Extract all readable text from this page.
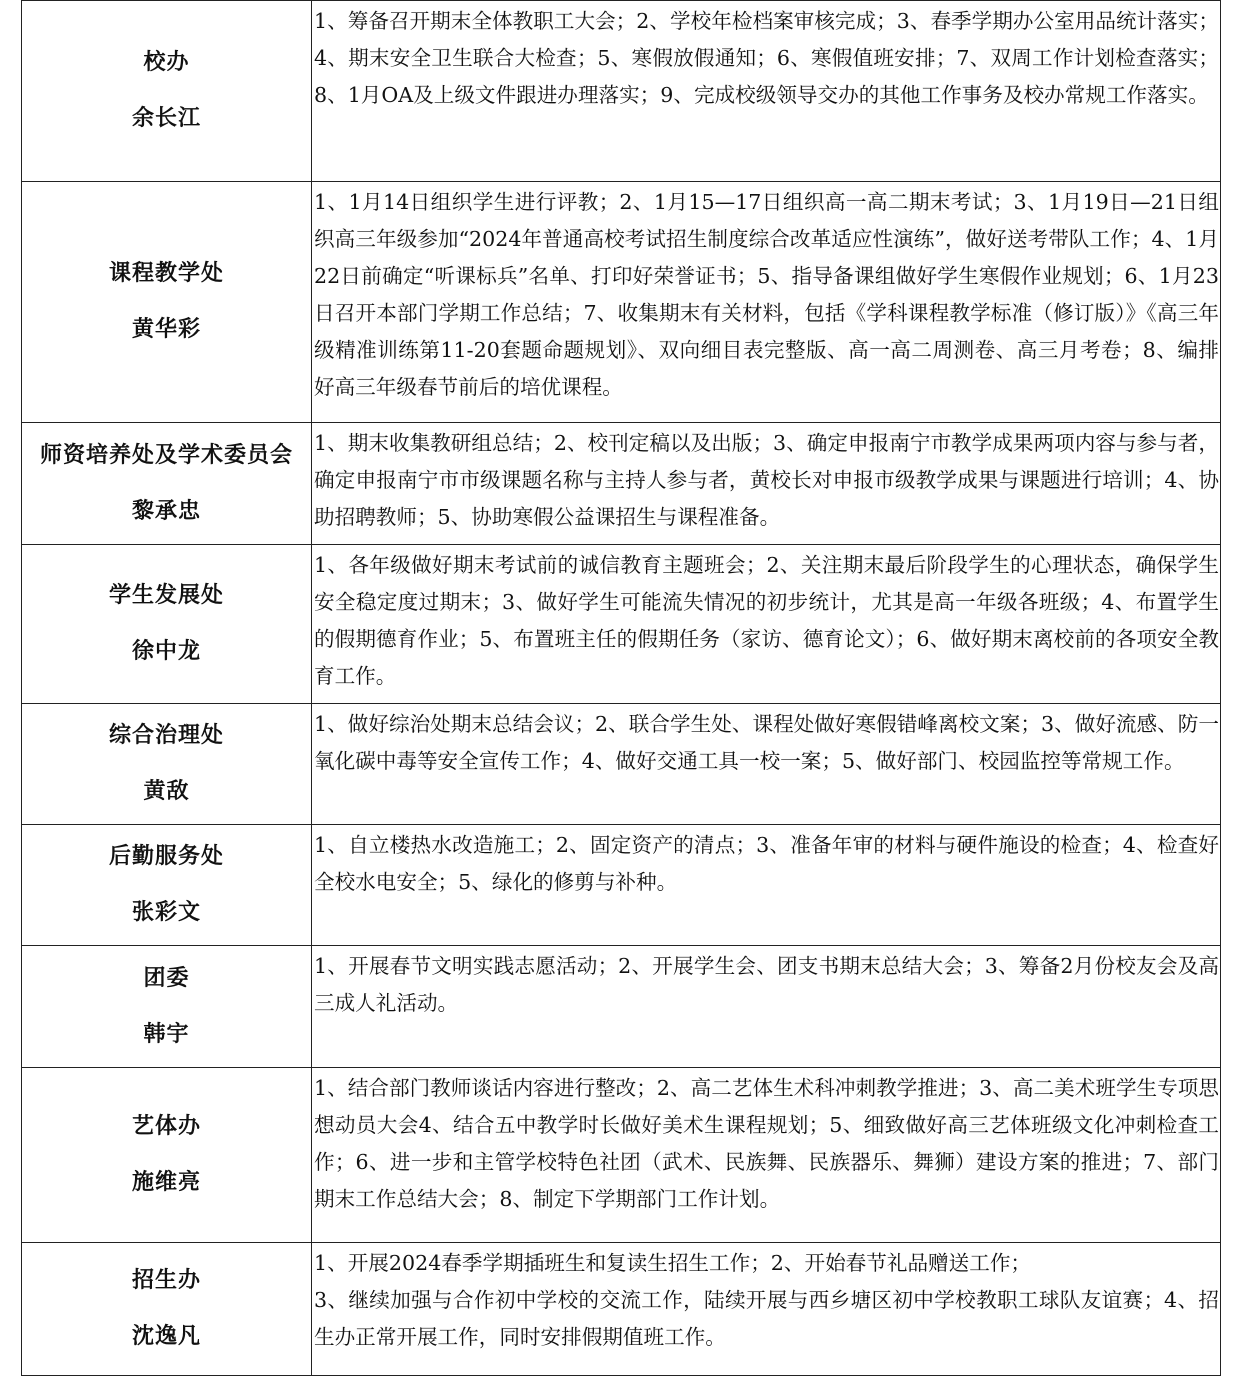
校办
余长江	1、筹备召开期末全体教职工大会；2、学校年检档案审核完成；3、春季学期办公室用品统计落实；4、期末安全卫生联合大检查；5、寒假放假通知；6、寒假值班安排；7、双周工作计划检查落实；8、1月OA及上级文件跟进办理落实；9、完成校级领导交办的其他工作事务及校办常规工作落实。

课程教学处
黄华彩	1、1月14日组织学生进行评教；2、1月15—17日组织高一高二期末考试；3、1月19日—21日组织高三年级参加“2024年普通高校考试招生制度综合改革适应性演练”，做好送考带队工作；4、1月22日前确定“听课标兵”名单、打印好荣誉证书；5、指导备课组做好学生寒假作业规划；6、1月23日召开本部门学期工作总结；7、收集期末有关材料，包括《学科课程教学标准（修订版）》《高三年级精准训练第11-20套题命题规划》、双向细目表完整版、高一高二周测卷、高三月考卷；8、编排好高三年级春节前后的培优课程。

师资培养处及学术委员会
黎承忠	1、期末收集教研组总结；2、校刊定稿以及出版；3、确定申报南宁市教学成果两项内容与参与者，确定申报南宁市市级课题名称与主持人参与者，黄校长对申报市级教学成果与课题进行培训；4、协助招聘教师；5、协助寒假公益课招生与课程准备。

学生发展处
徐中龙	1、各年级做好期末考试前的诚信教育主题班会；2、关注期末最后阶段学生的心理状态，确保学生安全稳定度过期末；3、做好学生可能流失情况的初步统计，尤其是高一年级各班级；4、布置学生的假期德育作业；5、布置班主任的假期任务（家访、德育论文）；6、做好期末离校前的各项安全教育工作。

综合治理处
黄敌	1、做好综治处期末总结会议；2、联合学生处、课程处做好寒假错峰离校文案；3、做好流感、防一氧化碳中毒等安全宣传工作；4、做好交通工具一校一案；5、做好部门、校园监控等常规工作。

后勤服务处
张彩文	1、自立楼热水改造施工；2、固定资产的清点；3、准备年审的材料与硬件施设的检查；4、检查好全校水电安全；5、绿化的修剪与补种。

团委
韩宇	1、开展春节文明实践志愿活动；2、开展学生会、团支书期末总结大会；3、筹备2月份校友会及高三成人礼活动。

艺体办
施维亮	1、结合部门教师谈话内容进行整改；2、高二艺体生术科冲刺教学推进；3、高二美术班学生专项思想动员大会4、结合五中教学时长做好美术生课程规划；5、细致做好高三艺体班级文化冲刺检查工作；6、进一步和主管学校特色社团（武术、民族舞、民族器乐、舞狮）建设方案的推进；7、部门期末工作总结大会；8、制定下学期部门工作计划。

招生办
沈逸凡	1、开展2024春季学期插班生和复读生招生工作；2、开始春节礼品赠送工作；
3、继续加强与合作初中学校的交流工作，陆续开展与西乡塘区初中学校教职工球队友谊赛；4、招生办正常开展工作，同时安排假期值班工作。
